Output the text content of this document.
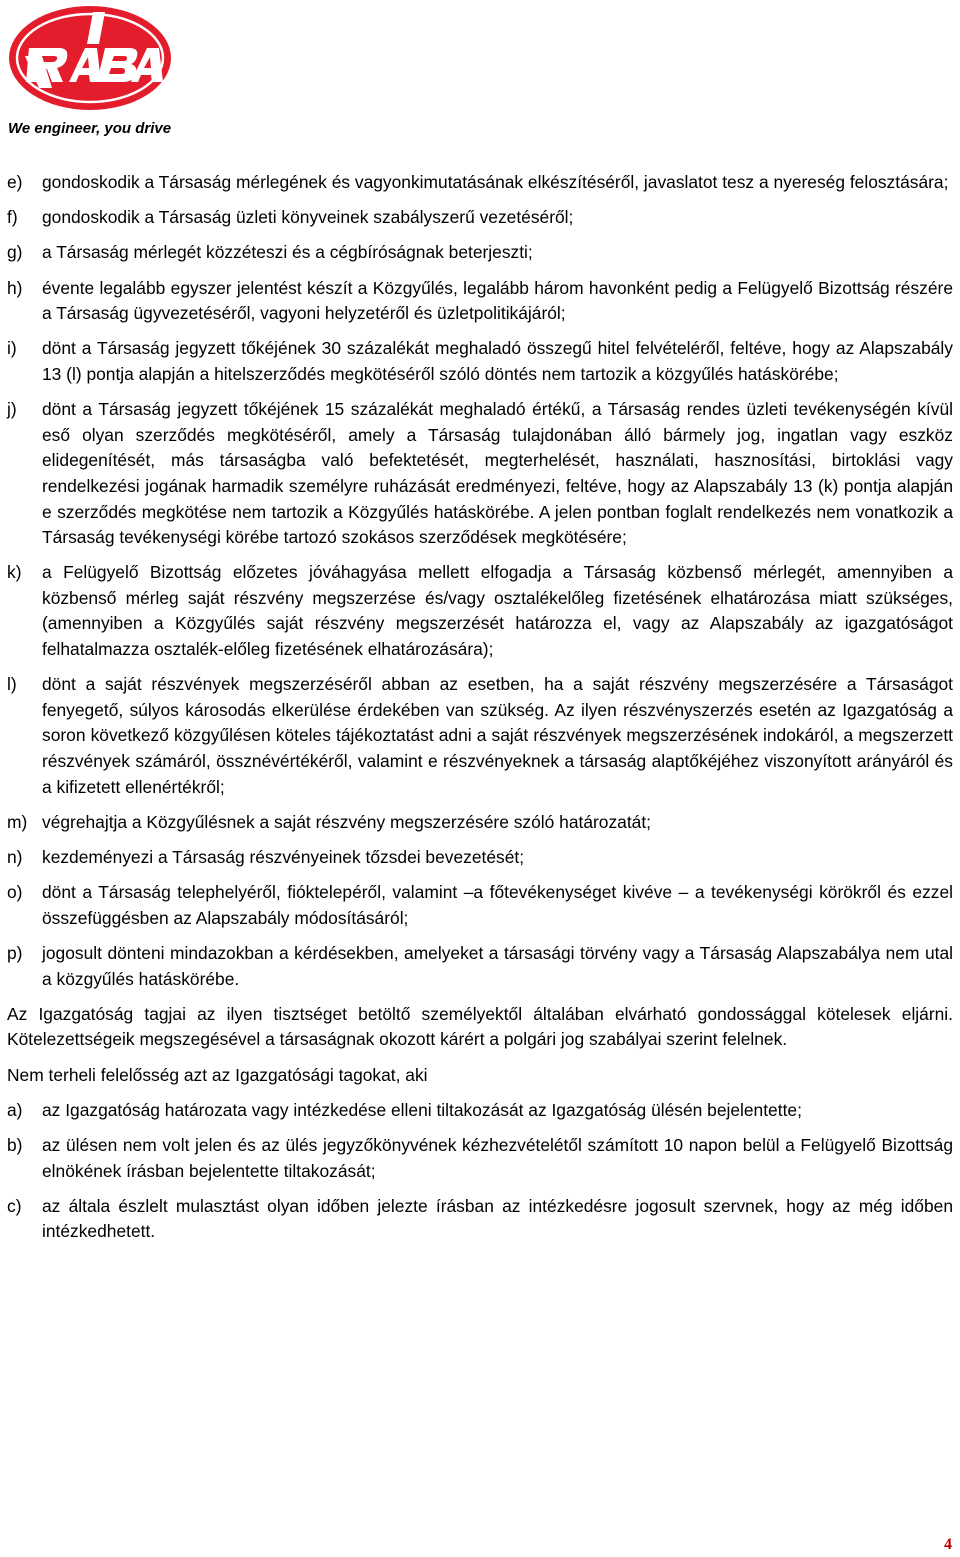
We engineer, you drive
e)	gondoskodik a Társaság mérlegének és vagyonkimutatásának elkészítéséről, javaslatot tesz a nyereség felosztására;
f)	gondoskodik a Társaság üzleti könyveinek szabályszerű vezetéséről;
g)	a Társaság mérlegét közzéteszi és a cégbíróságnak beterjeszti;
h)	évente legalább egyszer jelentést készít a Közgyűlés, legalább három havonként pedig a Felügyelő Bizottság részére a Társaság ügyvezetéséről, vagyoni helyzetéről és üzletpolitikájáról;
i)	dönt a Társaság jegyzett tőkéjének 30 százalékát meghaladó összegű hitel felvételéről, feltéve, hogy az Alapszabály 13 (l) pontja alapján a hitelszerződés megkötéséről szóló döntés nem tartozik a közgyűlés hatáskörébe;
j)	dönt a Társaság jegyzett tőkéjének 15 százalékát meghaladó értékű, a Társaság rendes üzleti tevékenységén kívül eső olyan szerződés megkötéséről, amely a Társaság tulajdonában álló bármely jog, ingatlan vagy eszköz elidegenítését, más társaságba való befektetését, megterhelését, használati, hasznosítási, birtoklási vagy rendelkezési jogának harmadik személyre ruházását eredményezi, feltéve, hogy az Alapszabály 13 (k) pontja alapján e szerződés megkötése nem tartozik a Közgyűlés hatáskörébe. A jelen pontban foglalt rendelkezés nem vonatkozik a Társaság tevékenységi körébe tartozó szokásos szerződések megkötésére;
k)	a Felügyelő Bizottság előzetes jóváhagyása mellett elfogadja a Társaság közbenső mérlegét, amennyiben a közbenső mérleg saját részvény megszerzése és/vagy osztalékelőleg fizetésének elhatározása miatt szükséges, (amennyiben a Közgyűlés saját részvény megszerzését határozza el, vagy az Alapszabály az igazgatóságot felhatalmazza osztalék-előleg fizetésének elhatározására);
l)	dönt a saját részvények megszerzéséről abban az esetben, ha a saját részvény megszerzésére a Társaságot fenyegető, súlyos károsodás elkerülése érdekében van szükség. Az ilyen részvényszerzés esetén az Igazgatóság a soron következő közgyűlésen köteles tájékoztatást adni a saját részvények megszerzésének indokáról, a megszerzett részvények számáról, össznévértékéről, valamint e részvényeknek a társaság alaptőkéjéhez viszonyított arányáról és a kifizetett ellenértékről;
m) végrehajtja a Közgyűlésnek a saját részvény megszerzésére szóló határozatát;
n)	kezdeményezi a Társaság részvényeinek tőzsdei bevezetését;
o)	dönt a Társaság telephelyéről, fióktelepéről, valamint –a főtevékenységet kivéve – a tevékenységi körökről és ezzel összefüggésben az Alapszabály módosításáról;
p)	jogosult dönteni mindazokban a kérdésekben, amelyeket a társasági törvény vagy a Társaság Alapszabálya nem utal a közgyűlés hatáskörébe.
Az Igazgatóság tagjai az ilyen tisztséget betöltő személyektől általában elvárható gondossággal kötelesek eljárni. Kötelezettségeik megszegésével a társaságnak okozott kárért a polgári jog szabályai szerint felelnek.
Nem terheli felelősség azt az Igazgatósági tagokat, aki
a)	az Igazgatóság határozata vagy intézkedése elleni tiltakozását az Igazgatóság ülésén bejelentette;
b)	az ülésen nem volt jelen és az ülés jegyzőkönyvének kézhezvételétől számított 10 napon belül a Felügyelő Bizottság elnökének írásban bejelentette tiltakozását;
c)	az általa észlelt mulasztást olyan időben jelezte írásban az intézkedésre jogosult szervnek, hogy az még időben intézkedhetett.
4
